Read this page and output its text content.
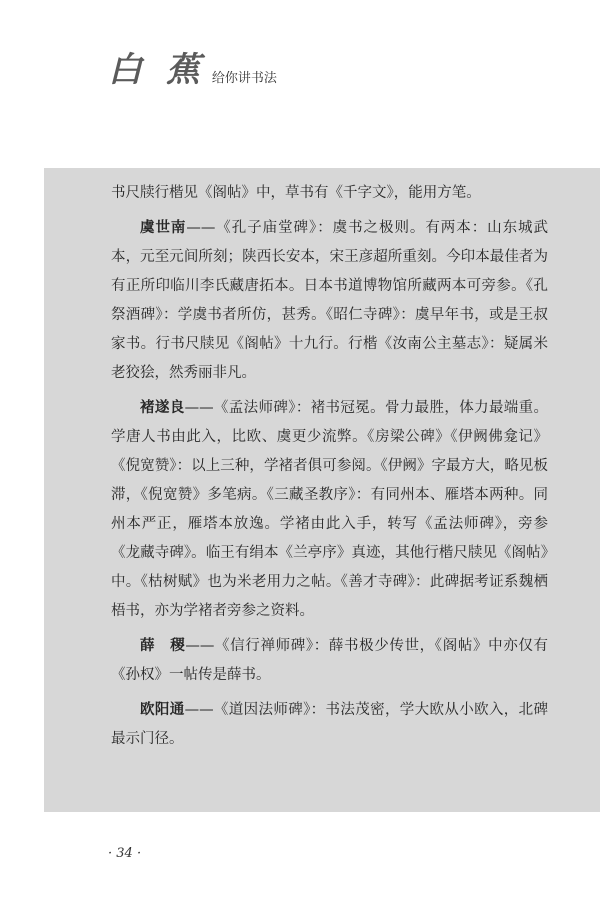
白 蕉 给你讲书法

书尺牍行楷见《阁帖》中，草书有《千字文》，能用方笔。

虞世南——《孔子庙堂碑》：虞书之极则。有两本：山东城武本，元至元间所刻；陕西长安本，宋王彦超所重刻。今印本最佳者为有正所印临川李氏藏唐拓本。日本书道博物馆所藏两本可旁参。《孔祭酒碑》：学虞书者所仿，甚秀。《昭仁寺碑》：虞早年书，或是王叔家书。行书尺牍见《阁帖》十九行。行楷《汝南公主墓志》：疑属米老狡狯，然秀丽非凡。

褚遂良——《孟法师碑》：褚书冠冕。骨力最胜，体力最端重。学唐人书由此入，比欧、虞更少流弊。《房梁公碑》《伊阙佛龛记》《倪宽赞》：以上三种，学褚者俱可参阅。《伊阙》字最方大，略见板滞，《倪宽赞》多笔病。《三藏圣教序》：有同州本、雁塔本两种。同州本严正，雁塔本放逸。学褚由此入手，转写《孟法师碑》，旁参《龙藏寺碑》。临王有绢本《兰亭序》真迹，其他行楷尺牍见《阁帖》中。《枯树赋》也为米老用力之帖。《善才寺碑》：此碑据考证系魏栖梧书，亦为学褚者旁参之资料。

薛　稷——《信行禅师碑》：薛书极少传世，《阁帖》中亦仅有《孙权》一帖传是薛书。

欧阳通——《道因法师碑》：书法茂密，学大欧从小欧入，北碑最示门径。

· 34 ·
